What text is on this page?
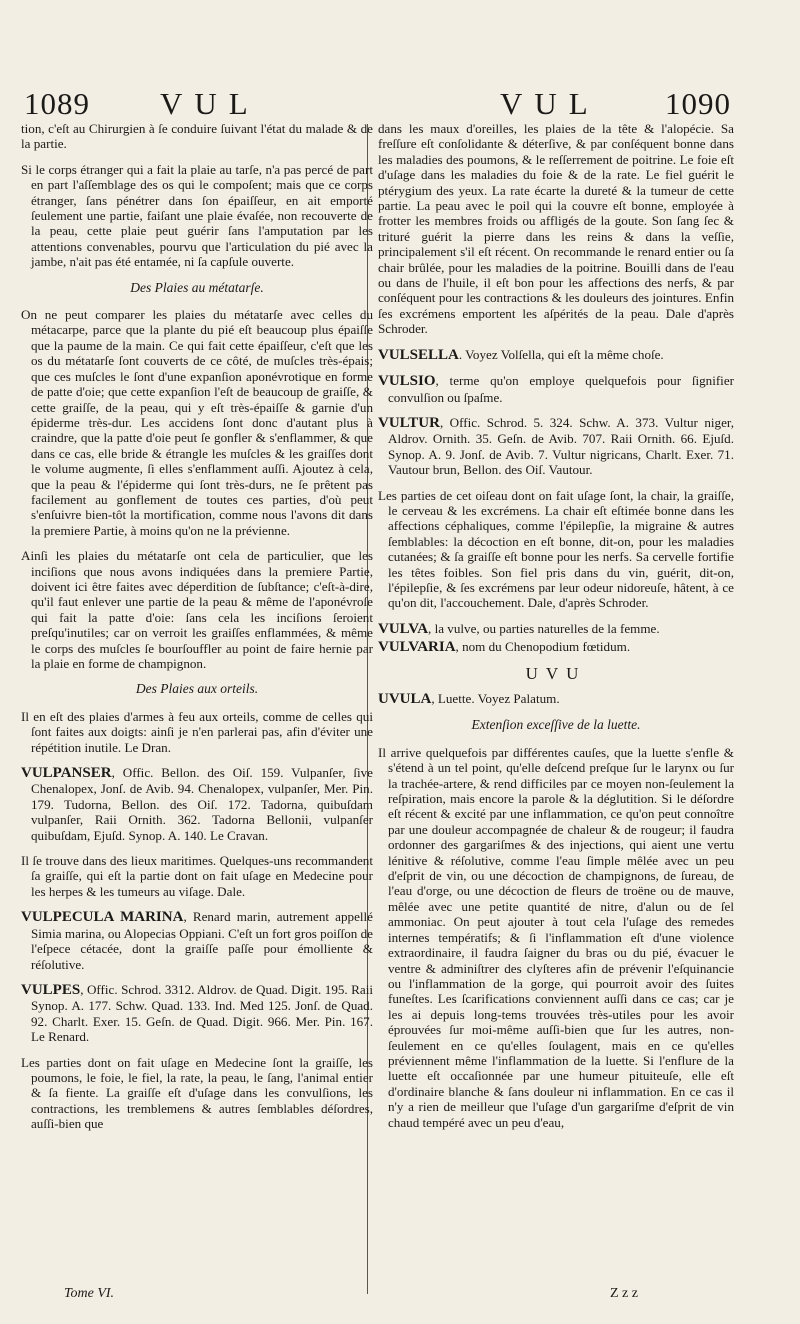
1089 VUL	VUL 1090

tion, c'eſt au Chirurgien à ſe conduire ſuivant l'état du malade & de la partie.

Si le corps étranger qui a fait la plaie au tarſe, n'a pas percé de part en part l'aſſemblage des os qui le compoſent; mais que ce corps étranger, ſans pénétrer dans ſon épaiſſeur, en ait emporté ſeulement une partie, faiſant une plaie évaſée, non recouverte de la peau, cette plaie peut guérir ſans l'amputation par les attentions convenables, pourvu que l'articulation du pié avec la jambe, n'ait pas été entamée, ni ſa capſule ouverte.

Des Plaies au métatarſe.

On ne peut comparer les plaies du métatarſe avec celles du métacarpe, parce que la plante du pié eſt beaucoup plus épaiſſe que la paume de la main. Ce qui fait cette épaiſſeur, c'eſt que les os du métatarſe ſont couverts de ce côté, de muſcles très-épais; que ces muſcles le ſont d'une expanſion aponévrotique en forme de patte d'oie; que cette expanſion l'eſt de beaucoup de graiſſe, & cette graiſſe, de la peau, qui y eſt très-épaiſſe & garnie d'un épiderme très-dur. Les accidens ſont donc d'autant plus à craindre, que la patte d'oie peut ſe gonfler & s'enflammer, & que dans ce cas, elle bride & étrangle les muſcles & les graiſſes dont le volume augmente, ſi elles s'enflamment auſſi. Ajoutez à cela, que la peau & l'épiderme qui ſont très-durs, ne ſe prêtent pas facilement au gonflement de toutes ces parties, d'où peut s'enſuivre bien-tôt la mortification, comme nous l'avons dit dans la premiere Partie, à moins qu'on ne la prévienne.

Ainſi les plaies du métatarſe ont cela de particulier, que les inciſions que nous avons indiquées dans la premiere Partie, doivent ici être faites avec déperdition de ſubſtance; c'eſt-à-dire, qu'il faut enlever une partie de la peau & même de l'aponévroſe qui fait la patte d'oie: ſans cela les inciſions ſeroient preſqu'inutiles; car on verroit les graiſſes enflammées, & même le corps des muſcles ſe bourſouffler au point de faire hernie par la plaie en forme de champignon.

Des Plaies aux orteils.

Il en eſt des plaies d'armes à feu aux orteils, comme de celles qui ſont faites aux doigts: ainſi je n'en parlerai pas, afin d'éviter une répétition inutile. Le Dran.

VULPANSER, Offic. Bellon. des Oiſ. 159. Vulpanſer, ſive Chenalopex, Jonſ. de Avib. 94. Chenalopex, vulpanſer, Mer. Pin. 179. Tudorna, Bellon. des Oiſ. 172. Tadorna, quibuſdam vulpanſer, Raii Ornith. 362. Tadorna Bellonii, vulpanſer quibuſdam, Ejuſd. Synop. A. 140. Le Cravan.

Il ſe trouve dans des lieux maritimes. Quelques-uns recommandent ſa graiſſe, qui eſt la partie dont on fait uſage en Medecine pour les herpes & les tumeurs au viſage. Dale.

VULPECULA MARINA, Renard marin, autrement appellé Simia marina, ou Alopecias Oppiani. C'eſt un fort gros poiſſon de l'eſpece cétacée, dont la graiſſe paſſe pour émolliente & réſolutive.
VULPES, Offic. Schrod. 3312. Aldrov. de Quad. Digit. 195. Raii Synop. A. 177. Schw. Quad. 133. Ind. Med 125. Jonſ. de Quad. 92. Charlt. Exer. 15. Geſn. de Quad. Digit. 966. Mer. Pin. 167. Le Renard.

Les parties dont on fait uſage en Medecine ſont la graiſſe, les poumons, le foie, le fiel, la rate, la peau, le ſang, l'animal entier & ſa fiente. La graiſſe eſt d'uſage dans les convulſions, les contractions, les tremblemens & autres ſemblables déſordres, auſſi-bien que

dans les maux d'oreilles, les plaies de la tête & l'alopécie. Sa freſſure eſt conſolidante & déterſive, & par conſéquent bonne dans les maladies des poumons, & le reſſerrement de poitrine. Le foie eſt d'uſage dans les maladies du foie & de la rate. Le fiel guérit le ptérygium des yeux. La rate écarte la dureté & la tumeur de cette partie. La peau avec le poil qui la couvre eſt bonne, employée à frotter les membres froids ou affligés de la goute. Son ſang ſec & trituré guérit la pierre dans les reins & dans la veſſie, principalement s'il eſt récent. On recommande le renard entier ou ſa chair brûlée, pour les maladies de la poitrine. Bouilli dans de l'eau ou dans de l'huile, il eſt bon pour les affections des nerfs, & par conſéquent pour les contractions & les douleurs des jointures. Enfin ſes excrémens emportent les aſpérités de la peau. Dale d'après Schroder.

VULSELLA. Voyez Volſella, qui eſt la même choſe.
VULSIO, terme qu'on employe quelquefois pour ſignifier convulſion ou ſpaſme.
VULTUR, Offic. Schrod. 5. 324. Schw. A. 373. Vultur niger, Aldrov. Ornith. 35. Geſn. de Avib. 707. Raii Ornith. 66. Ejuſd. Synop. A. 9. Jonſ. de Avib. 7. Vultur nigricans, Charlt. Exer. 71. Vautour brun, Bellon. des Oiſ. Vautour.

Les parties de cet oiſeau dont on fait uſage ſont, la chair, la graiſſe, le cerveau & les excrémens. La chair eſt eſtimée bonne dans les affections céphaliques, comme l'épilepſie, la migraine & autres ſemblables: la décoction en eſt bonne, dit-on, pour les maladies cutanées; & ſa graiſſe eſt bonne pour les nerfs. Sa cervelle fortifie les têtes foibles. Son fiel pris dans du vin, guérit, dit-on, l'épilepſie, & ſes excrémens par leur odeur nidoreuſe, hâtent, à ce qu'on dit, l'accouchement. Dale, d'après Schroder.

VULVA, la vulve, ou parties naturelles de la femme.
VULVARIA, nom du Chenopodium fœtidum.
UVU
UVULA, Luette. Voyez Palatum.
Extenſion exceſſive de la luette.

Il arrive quelquefois par différentes cauſes, que la luette s'enfle & s'étend à un tel point, qu'elle deſcend preſque ſur le larynx ou ſur la trachée-artere, & rend difficiles par ce moyen non-ſeulement la reſpiration, mais encore la parole & la déglutition. Si le déſordre eſt récent & excité par une inflammation, ce qu'on peut connoître par une douleur accompagnée de chaleur & de rougeur; il faudra ordonner des gargariſmes & des injections, qui aient une vertu lénitive & réſolutive, comme l'eau ſimple mêlée avec un peu d'eſprit de vin, ou une décoction de champignons, de ſureau, de l'eau d'orge, ou une décoction de fleurs de troëne ou de mauve, mêlée avec une petite quantité de nitre, d'alun ou de ſel ammoniac. On peut ajouter à tout cela l'uſage des remedes internes températifs; & ſi l'inflammation eſt d'une violence extraordinaire, il faudra ſaigner du bras ou du pié, évacuer le ventre & adminiſtrer des clyſteres afin de prévenir l'eſquinancie ou l'inflammation de la gorge, qui pourroit avoir des ſuites funeſtes. Les ſcarifications conviennent auſſi dans ce cas; car je les ai depuis long-tems trouvées très-utiles pour les avoir éprouvées ſur moi-même auſſi-bien que ſur les autres, non-ſeulement en ce qu'elles ſoulagent, mais en ce qu'elles préviennent même l'inflammation de la luette. Si l'enflure de la luette eſt occaſionnée par une humeur pituiteuſe, elle eſt d'ordinaire blanche & ſans douleur ni inflammation. En ce cas il n'y a rien de meilleur que l'uſage d'un gargariſme d'eſprit de vin chaud tempéré avec un peu d'eau,

Tome VI.	Z z z
